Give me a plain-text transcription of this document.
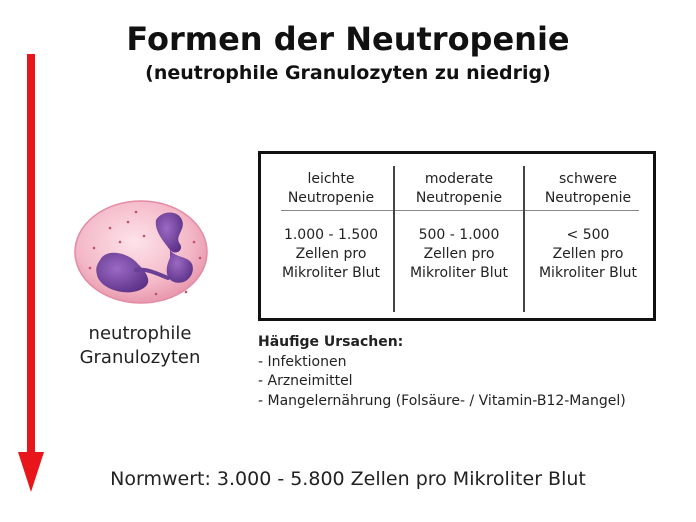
Formen der Neutropenie
(neutrophile Granulozyten zu niedrig)
neutrophile
Granulozyten
leichte
Neutropenie
1.000 - 1.500
Zellen pro
Mikroliter Blut
moderate
Neutropenie
500 - 1.000
Zellen pro
Mikroliter Blut
schwere
Neutropenie
< 500
Zellen pro
Mikroliter Blut
Häufige Ursachen:
- Infektionen
- Arzneimittel
- Mangelernährung (Folsäure- / Vitamin-B12-Mangel)
Normwert: 3.000 - 5.800 Zellen pro Mikroliter Blut
